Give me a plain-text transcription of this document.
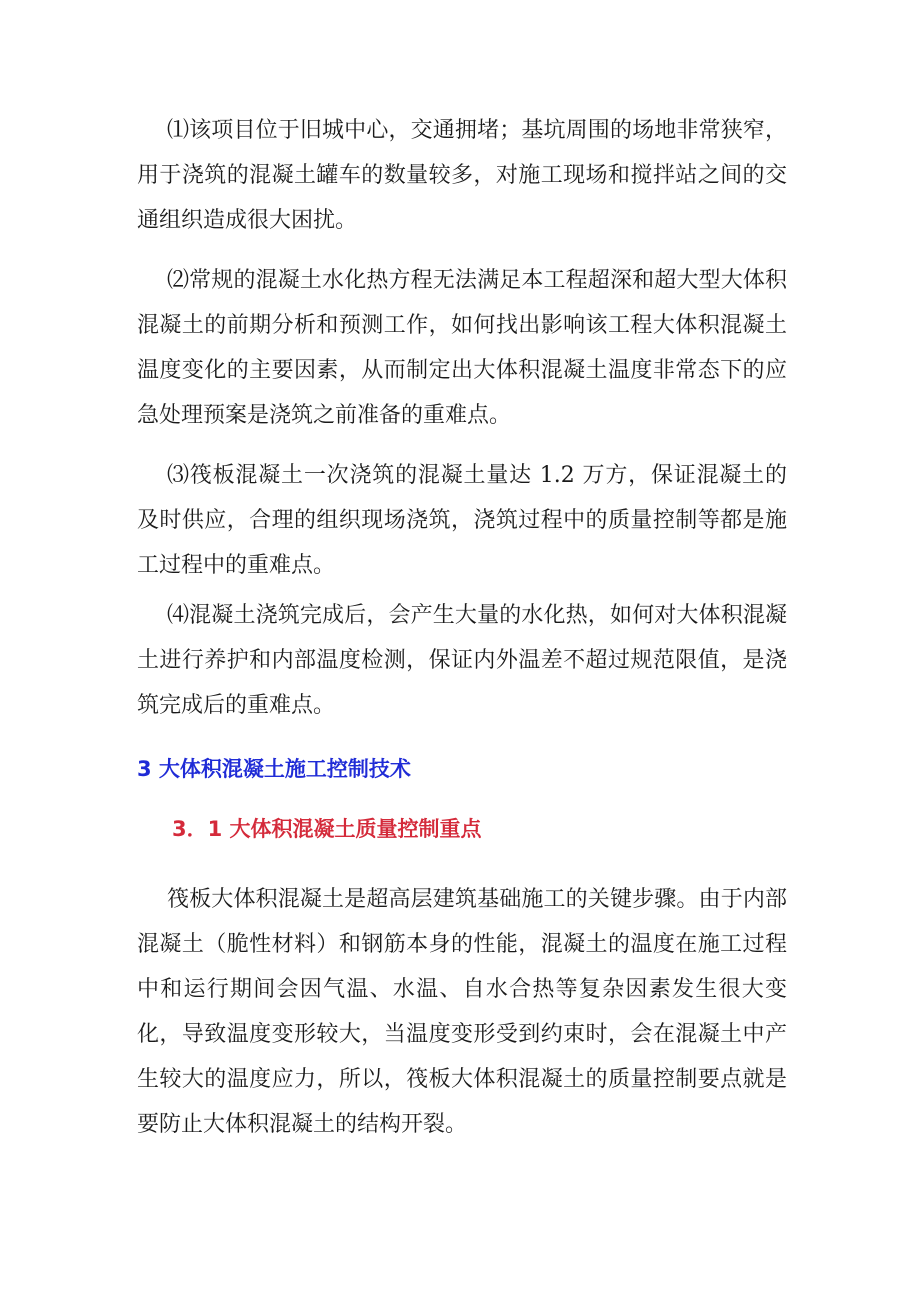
⑴该项目位于旧城中心，交通拥堵；基坑周围的场地非常狭窄，用于浇筑的混凝土罐车的数量较多，对施工现场和搅拌站之间的交通组织造成很大困扰。

⑵常规的混凝土水化热方程无法满足本工程超深和超大型大体积混凝土的前期分析和预测工作，如何找出影响该工程大体积混凝土温度变化的主要因素，从而制定出大体积混凝土温度非常态下的应急处理预案是浇筑之前准备的重难点。

⑶筏板混凝土一次浇筑的混凝土量达 1.2 万方，保证混凝土的及时供应，合理的组织现场浇筑，浇筑过程中的质量控制等都是施工过程中的重难点。

⑷混凝土浇筑完成后，会产生大量的水化热，如何对大体积混凝土进行养护和内部温度检测，保证内外温差不超过规范限值，是浇筑完成后的重难点。

3 大体积混凝土施工控制技术
3．1 大体积混凝土质量控制重点

筏板大体积混凝土是超高层建筑基础施工的关键步骤。由于内部混凝土（脆性材料）和钢筋本身的性能，混凝土的温度在施工过程中和运行期间会因气温、水温、自水合热等复杂因素发生很大变化，导致温度变形较大，当温度变形受到约束时，会在混凝土中产生较大的温度应力，所以，筏板大体积混凝土的质量控制要点就是要防止大体积混凝土的结构开裂。
